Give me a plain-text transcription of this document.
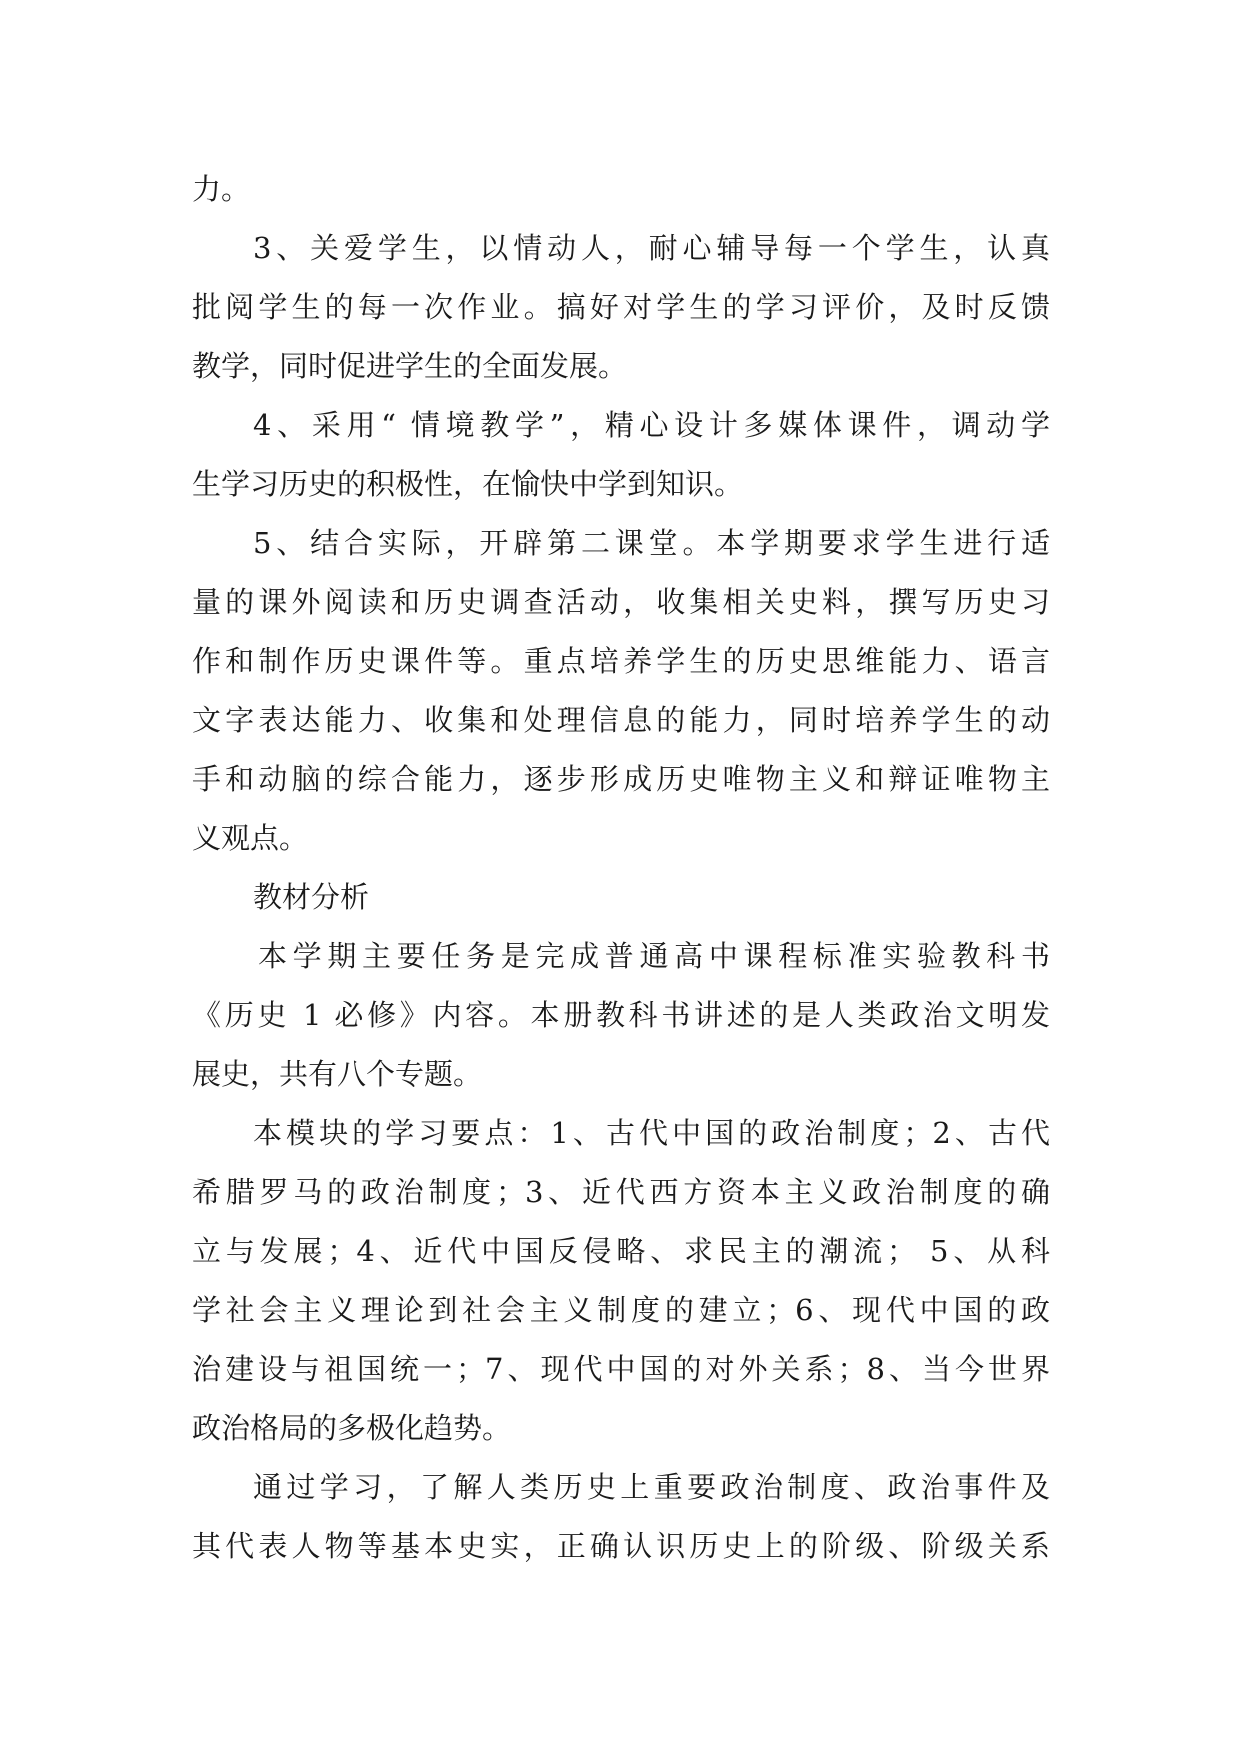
力。
3、关爱学生，以情动人，耐心辅导每一个学生，认真
批阅学生的每一次作业。搞好对学生的学习评价，及时反馈
教学，同时促进学生的全面发展。
4、采用“ 情境教学”，精心设计多媒体课件，调动学
生学习历史的积极性，在愉快中学到知识。
5、结合实际，开辟第二课堂。本学期要求学生进行适
量的课外阅读和历史调查活动，收集相关史料，撰写历史习
作和制作历史课件等。重点培养学生的历史思维能力、语言
文字表达能力、收集和处理信息的能力，同时培养学生的动
手和动脑的综合能力，逐步形成历史唯物主义和辩证唯物主
义观点。
教材分析
本学期主要任务是完成普通高中课程标准实验教科书
《历史 1 必修》内容。本册教科书讲述的是人类政治文明发
展史，共有八个专题。
本模块的学习要点：1、古代中国的政治制度；2、古代
希腊罗马的政治制度；3、近代西方资本主义政治制度的确
立与发展；4、近代中国反侵略、求民主的潮流； 5、从科
学社会主义理论到社会主义制度的建立；6、现代中国的政
治建设与祖国统一；7、现代中国的对外关系；8、当今世界
政治格局的多极化趋势。
通过学习，了解人类历史上重要政治制度、政治事件及
其代表人物等基本史实，正确认识历史上的阶级、阶级关系
